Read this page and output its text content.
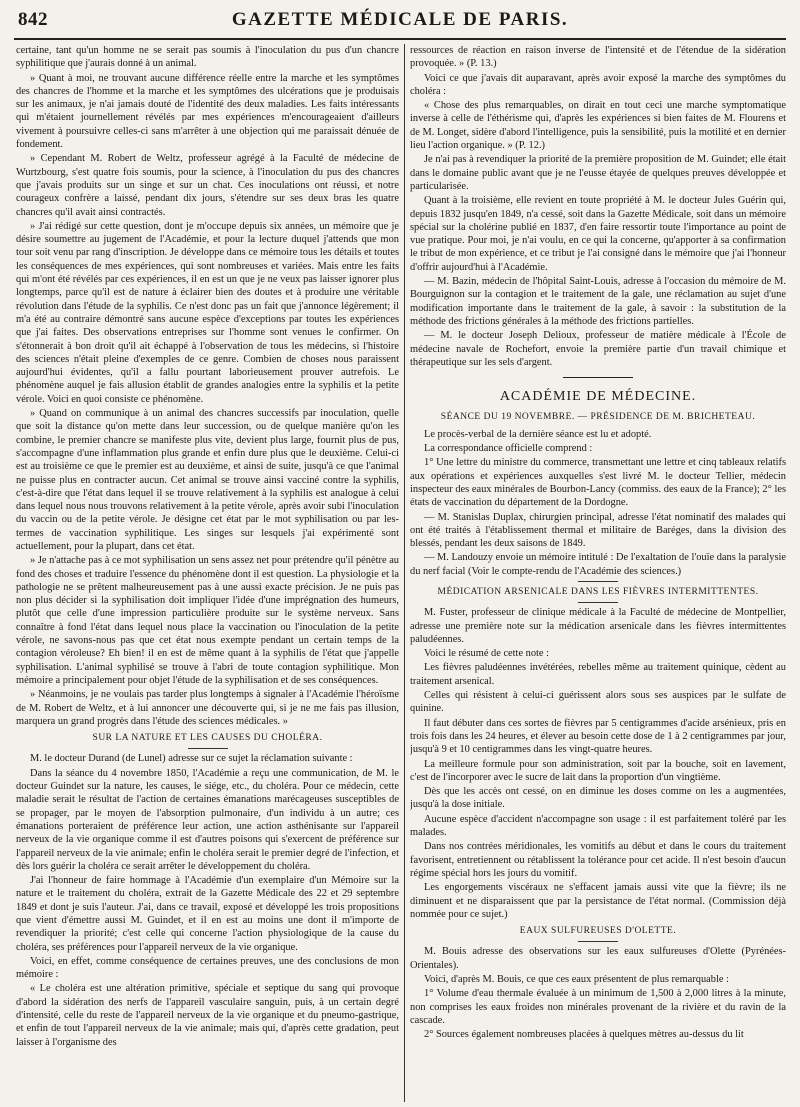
842	GAZETTE MÉDICALE DE PARIS.

certaine, tant qu'un homme ne se serait pas soumis à l'inoculation du pus d'un chancre syphilitique que j'aurais donné à un animal.

» Quant à moi, ne trouvant aucune différence réelle entre la marche et les symptômes des chancres de l'homme et la marche et les symptômes des ulcérations que je produisais sur les animaux, je n'ai jamais douté de l'identité des deux maladies. Les faits intéressants qui m'étaient journellement révélés par mes expériences m'encourageaient d'ailleurs vivement à poursuivre celles-ci sans m'arrêter à une objection qui me paraissait dénuée de fondement.

» Cependant M. Robert de Weltz, professeur agrégé à la Faculté de médecine de Wurtzbourg, s'est quatre fois soumis, pour la science, à l'inoculation du pus des chancres que j'avais produits sur un singe et sur un chat. Ces inoculations ont réussi, et notre courageux confrère a laissé, pendant dix jours, s'étendre sur ses deux bras les quatre chancres qu'il avait ainsi contractés.

» J'ai rédigé sur cette question, dont je m'occupe depuis six années, un mémoire que je désire soumettre au jugement de l'Académie, et pour la lecture duquel j'attends que mon tour soit venu par rang d'inscription. Je développe dans ce mémoire tous les détails et toutes les conséquences de mes expériences, qui sont nombreuses et variées. Mais entre les faits qui m'ont été révélés par ces expériences, il en est un que je ne veux pas laisser ignorer plus longtemps, parce qu'il est de nature à éclairer bien des doutes et à produire une véritable révolution dans l'étude de la syphilis. Ce n'est donc pas un fait que j'annonce légèrement; il m'a été au contraire démontré sans aucune espèce d'exceptions par toutes les expériences que j'ai faites. Des observations entreprises sur l'homme sont venues le confirmer. On s'étonnerait à bon droit qu'il ait échappé à l'observation de tous les médecins, si l'histoire des sciences n'était pleine d'exemples de ce genre. Combien de choses nous paraissent aujourd'hui évidentes, qu'il a fallu pourtant laborieusement prouver autrefois. Le phénomène auquel je fais allusion établit de grandes analogies entre la syphilis et la petite vérole. Voici en quoi consiste ce phénomène.

» Quand on communique à un animal des chancres successifs par inoculation, quelle que soit la distance qu'on mette dans leur succession, ou de quelque manière qu'on les combine, le premier chancre se manifeste plus vite, devient plus large, fournit plus de pus, s'accompagne d'une inflammation plus grande et enfin dure plus que le deuxième. Celui-ci est au troisième ce que le premier est au deuxième, et ainsi de suite, jusqu'à ce que l'animal ne puisse plus en contracter aucun. Cet animal se trouve ainsi vacciné contre la syphilis, c'est-à-dire que l'état dans lequel il se trouve relativement à la syphilis est analogue à celui dans lequel nous nous trouvons relativement à la petite vérole, après avoir subi l'inoculation du vaccin ou de la petite vérole. Je désigne cet état par le mot syphilisation ou par les-termes de vaccination syphilitique. Les singes sur lesquels j'ai expérimenté sont actuellement, pour la plupart, dans cet état.

» Je n'attache pas à ce mot syphilisation un sens assez net pour prétendre qu'il pénètre au fond des choses et traduire l'essence du phénomène dont il est question. La physiologie et la pathologie ne se prêtent malheureusement pas à une aussi exacte précision. Je ne puis pas non plus décider si la syphilisation doit impliquer l'idée d'une imprégnation des humeurs, plutôt que celle d'une impression particulière produite sur le système nerveux. Sans connaître à fond l'état dans lequel nous place la vaccination ou l'inoculation de la petite vérole, ne savons-nous pas que cet état nous exempte pendant un certain temps de la contagion véroleuse? Eh bien! il en est de même quant à la syphilis de l'état que j'appelle syphilisation. L'animal syphilisé se trouve à l'abri de toute contagion syphilitique. Mon mémoire a principalement pour objet l'étude de la syphilisation et de ses conséquences.

» Néanmoins, je ne voulais pas tarder plus longtemps à signaler à l'Académie l'héroïsme de M. Robert de Weltz, et à lui annoncer une découverte qui, si je ne me fais pas illusion, marquera un grand progrès dans l'étude des sciences médicales. »

SUR LA NATURE ET LES CAUSES DU CHOLÉRA.

M. le docteur Durand (de Lunel) adresse sur ce sujet la réclamation suivante :

Dans la séance du 4 novembre 1850, l'Académie a reçu une communication, de M. le docteur Guindet sur la nature, les causes, le siége, etc., du choléra. Pour ce médecin, cette maladie serait le résultat de l'action de certaines émanations marécageuses susceptibles de se propager, par le moyen de l'absorption pulmonaire, d'un individu à un autre; ces émanations porteraient de préférence leur action, une action asthénisante sur l'appareil nerveux de la vie organique comme il est d'autres poisons qui s'exercent de préférence sur l'appareil nerveux de la vie animale; enfin le choléra serait le premier degré de l'infection, et dès lors guérir la choléra ce serait arrêter le développement du choléra.

J'ai l'honneur de faire hommage à l'Académie d'un exemplaire d'un Mémoire sur la nature et le traitement du choléra, extrait de la Gazette Médicale des 22 et 29 septembre 1849 et dont je suis l'auteur. J'ai, dans ce travail, exposé et développé les trois propositions que vient d'émettre aussi M. Guindet, et il en est au moins une dont il m'importe de revendiquer la priorité; c'est celle qui concerne l'action physiologique de la cause du choléra, ses préférences pour l'appareil nerveux de la vie organique.

Voici, en effet, comme conséquence de certaines preuves, une des conclusions de mon mémoire :

« Le choléra est une altération primitive, spéciale et septique du sang qui provoque d'abord la sidération des nerfs de l'appareil vasculaire sanguin, puis, à un certain degré d'intensité, celle du reste de l'appareil nerveux de la vie organique et du pneumo-gastrique, et enfin de tout l'appareil nerveux de la vie animale; mais qui, d'après cette gradation, peut laisser à l'organisme des

ressources de réaction en raison inverse de l'intensité et de l'étendue de la sidération provoquée. » (P. 13.)

Voici ce que j'avais dit auparavant, après avoir exposé la marche des symptômes du choléra :

« Chose des plus remarquables, on dirait en tout ceci une marche symptomatique inverse à celle de l'éthérisme qui, d'après les expériences si bien faites de M. Flourens et de M. Longet, sidère d'abord l'intelligence, puis la sensibilité, puis la motilité et en dernier lieu l'action organique. » (P. 12.)

Je n'ai pas à revendiquer la priorité de la première proposition de M. Guindet; elle était dans le domaine public avant que je ne l'eusse étayée de quelques preuves développée et particularisée.

Quant à la troisième, elle revient en toute propriété à M. le docteur Jules Guérin qui, depuis 1832 jusqu'en 1849, n'a cessé, soit dans la Gazette Médicale, soit dans un mémoire spécial sur la cholérine publié en 1837, d'en faire ressortir toute l'importance au point de vue pratique. Pour moi, je n'ai voulu, en ce qui la concerne, qu'apporter à sa confirmation le tribut de mon expérience, et ce tribut je l'ai consigné dans le mémoire que j'ai l'honneur d'offrir aujourd'hui à l'Académie.

— M. Bazin, médecin de l'hôpital Saint-Louis, adresse à l'occasion du mémoire de M. Bourguignon sur la contagion et le traitement de la gale, une réclamation au sujet d'une modification importante dans le traitement de la gale, à savoir : la substitution de la méthode des frictions générales à la méthode des frictions partielles.

— M. le docteur Joseph Delioux, professeur de matière médicale à l'École de médecine navale de Rochefort, envoie la première partie d'un travail chimique et thérapeutique sur les sels d'argent.

ACADÉMIE DE MÉDECINE.
SÉANCE DU 19 NOVEMBRE. — PRÉSIDENCE DE M. BRICHETEAU.

Le procès-verbal de la dernière séance est lu et adopté.

La correspondance officielle comprend :

1° Une lettre du ministre du commerce, transmettant une lettre et cinq tableaux relatifs aux opérations et expériences auxquelles s'est livré M. le docteur Tellier, médecin inspecteur des eaux minérales de Bourbon-Lancy (commiss. des eaux de la France); 2° les états de vaccination du département de la Dordogne.

— M. Stanislas Duplax, chirurgien principal, adresse l'état nominatif des malades qui ont été traités à l'établissement thermal et militaire de Baréges, dans la division des blessés, pendant les deux saisons de 1849.

— M. Landouzy envoie un mémoire intitulé : De l'exaltation de l'ouïe dans la paralysie du nerf facial (Voir le compte-rendu de l'Académie des sciences.)

MÉDICATION ARSENICALE DANS LES FIÈVRES INTERMITTENTES.

M. Fuster, professeur de clinique médicale à la Faculté de médecine de Montpellier, adresse une première note sur la médication arsenicale dans les fièvres intermittentes paludéennes.

Voici le résumé de cette note :

Les fièvres paludéennes invétérées, rebelles même au traitement quinique, cèdent au traitement arsenical.

Celles qui résistent à celui-ci guérissent alors sous ses auspices par le sulfate de quinine.

Il faut débuter dans ces sortes de fièvres par 5 centigrammes d'acide arsénieux, pris en trois fois dans les 24 heures, et élever au besoin cette dose de 1 à 2 centigrammes par jour, jusqu'à 9 et 10 centigrammes dans les vingt-quatre heures.

La meilleure formule pour son administration, soit par la bouche, soit en lavement, c'est de l'incorporer avec le sucre de lait dans la proportion d'un vingtième.

Dès que les accès ont cessé, on en diminue les doses comme on les a augmentées, jusqu'à la dose initiale.

Aucune espèce d'accident n'accompagne son usage : il est parfaitement toléré par les malades.

Dans nos contrées méridionales, les vomitifs au début et dans le cours du traitement favorisent, entretiennent ou rétablissent la tolérance pour cet acide. Il n'est besoin d'aucun régime spécial hors les jours du vomitif.

Les engorgements viscéraux ne s'effacent jamais aussi vite que la fièvre; ils ne diminuent et ne disparaissent que par la persistance de l'état normal. (Commission déjà nommée pour ce sujet.)

EAUX SULFUREUSES D'OLETTE.

M. Bouis adresse des observations sur les eaux sulfureuses d'Olette (Pyrénées-Orientales).

Voici, d'après M. Bouis, ce que ces eaux présentent de plus remarquable :

1° Volume d'eau thermale évaluée à un minimum de 1,500 à 2,000 litres à la minute, non comprises les eaux froides non minérales provenant de la rivière et du ravin de la cascade.

2° Sources également nombreuses placées à quelques mètres au-dessus du lit
